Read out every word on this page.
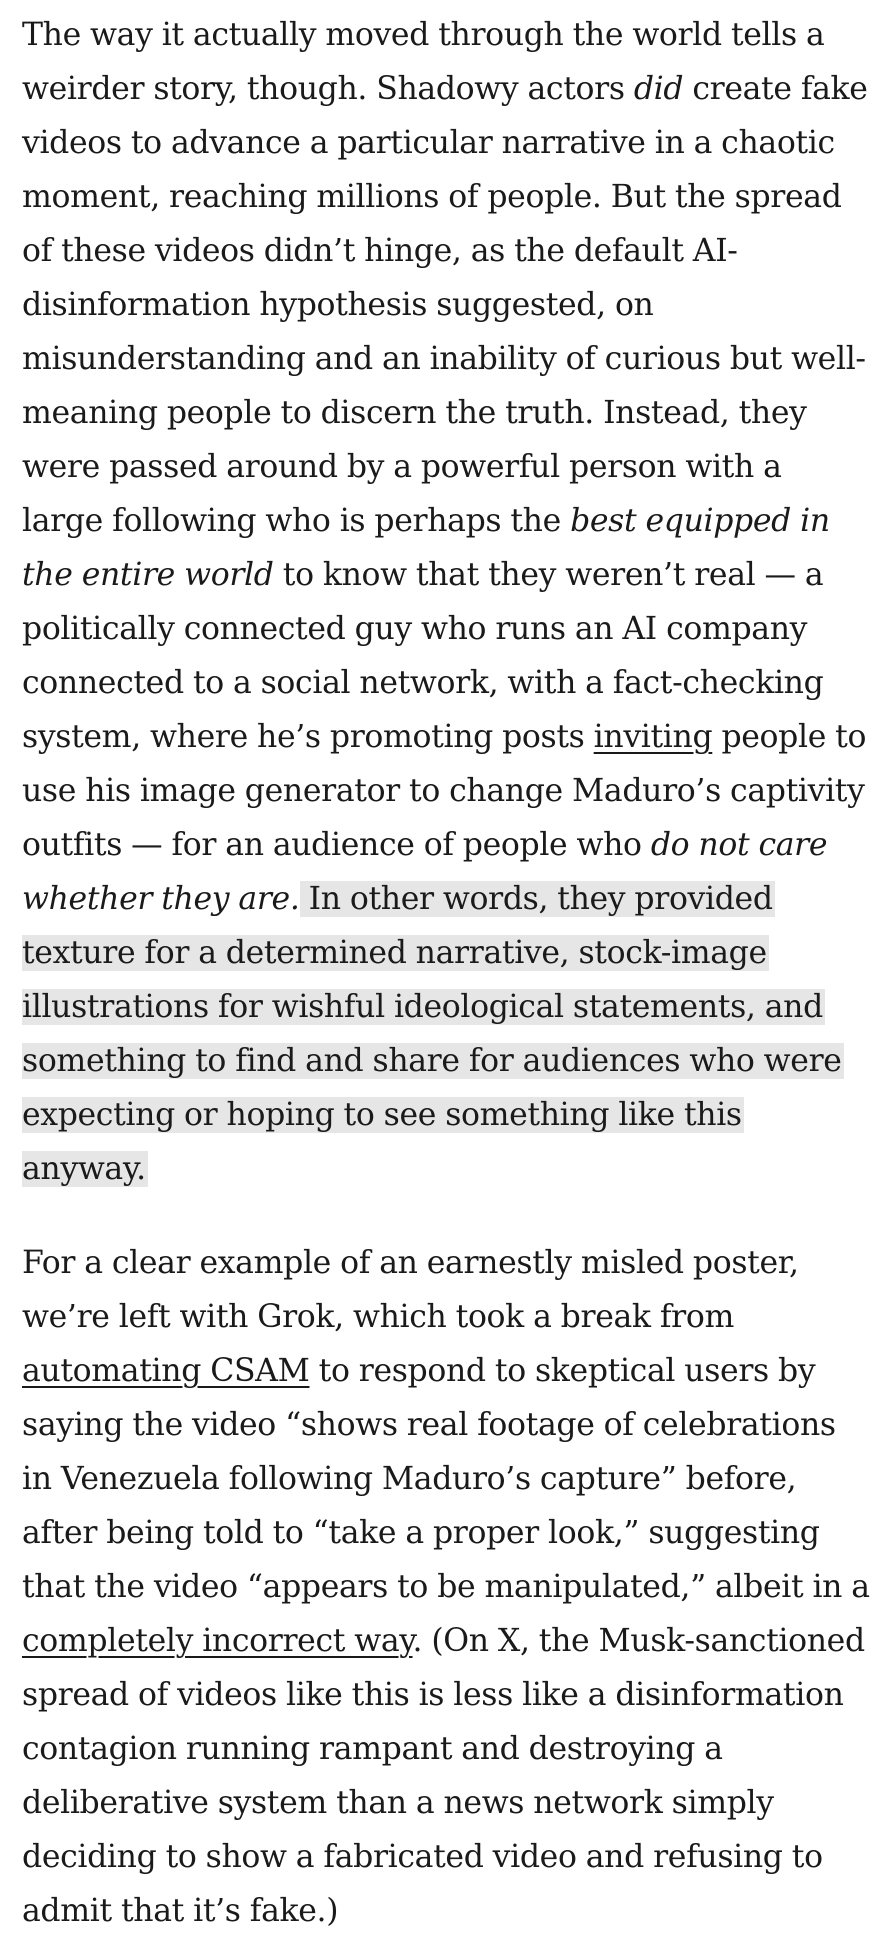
The way it actually moved through the world tells a weirder story, though. Shadowy actors did create fake videos to advance a particular narrative in a chaotic moment, reaching millions of people. But the spread of these videos didn’t hinge, as the default AI-disinformation hypothesis suggested, on misunderstanding and an inability of curious but well-meaning people to discern the truth. Instead, they were passed around by a powerful person with a large following who is perhaps the best equipped in the entire world to know that they weren’t real — a politically connected guy who runs an AI company connected to a social network, with a fact-checking system, where he’s promoting posts inviting people to use his image generator to change Maduro’s captivity outfits — for an audience of people who do not care whether they are. In other words, they provided texture for a determined narrative, stock-image illustrations for wishful ideological statements, and something to find and share for audiences who were expecting or hoping to see something like this anyway.

For a clear example of an earnestly misled poster, we’re left with Grok, which took a break from automating CSAM to respond to skeptical users by saying the video “shows real footage of celebrations in Venezuela following Maduro’s capture” before, after being told to “take a proper look,” suggesting that the video “appears to be manipulated,” albeit in a completely incorrect way. (On X, the Musk-sanctioned spread of videos like this is less like a disinformation contagion running rampant and destroying a deliberative system than a news network simply deciding to show a fabricated video and refusing to admit that it’s fake.)
